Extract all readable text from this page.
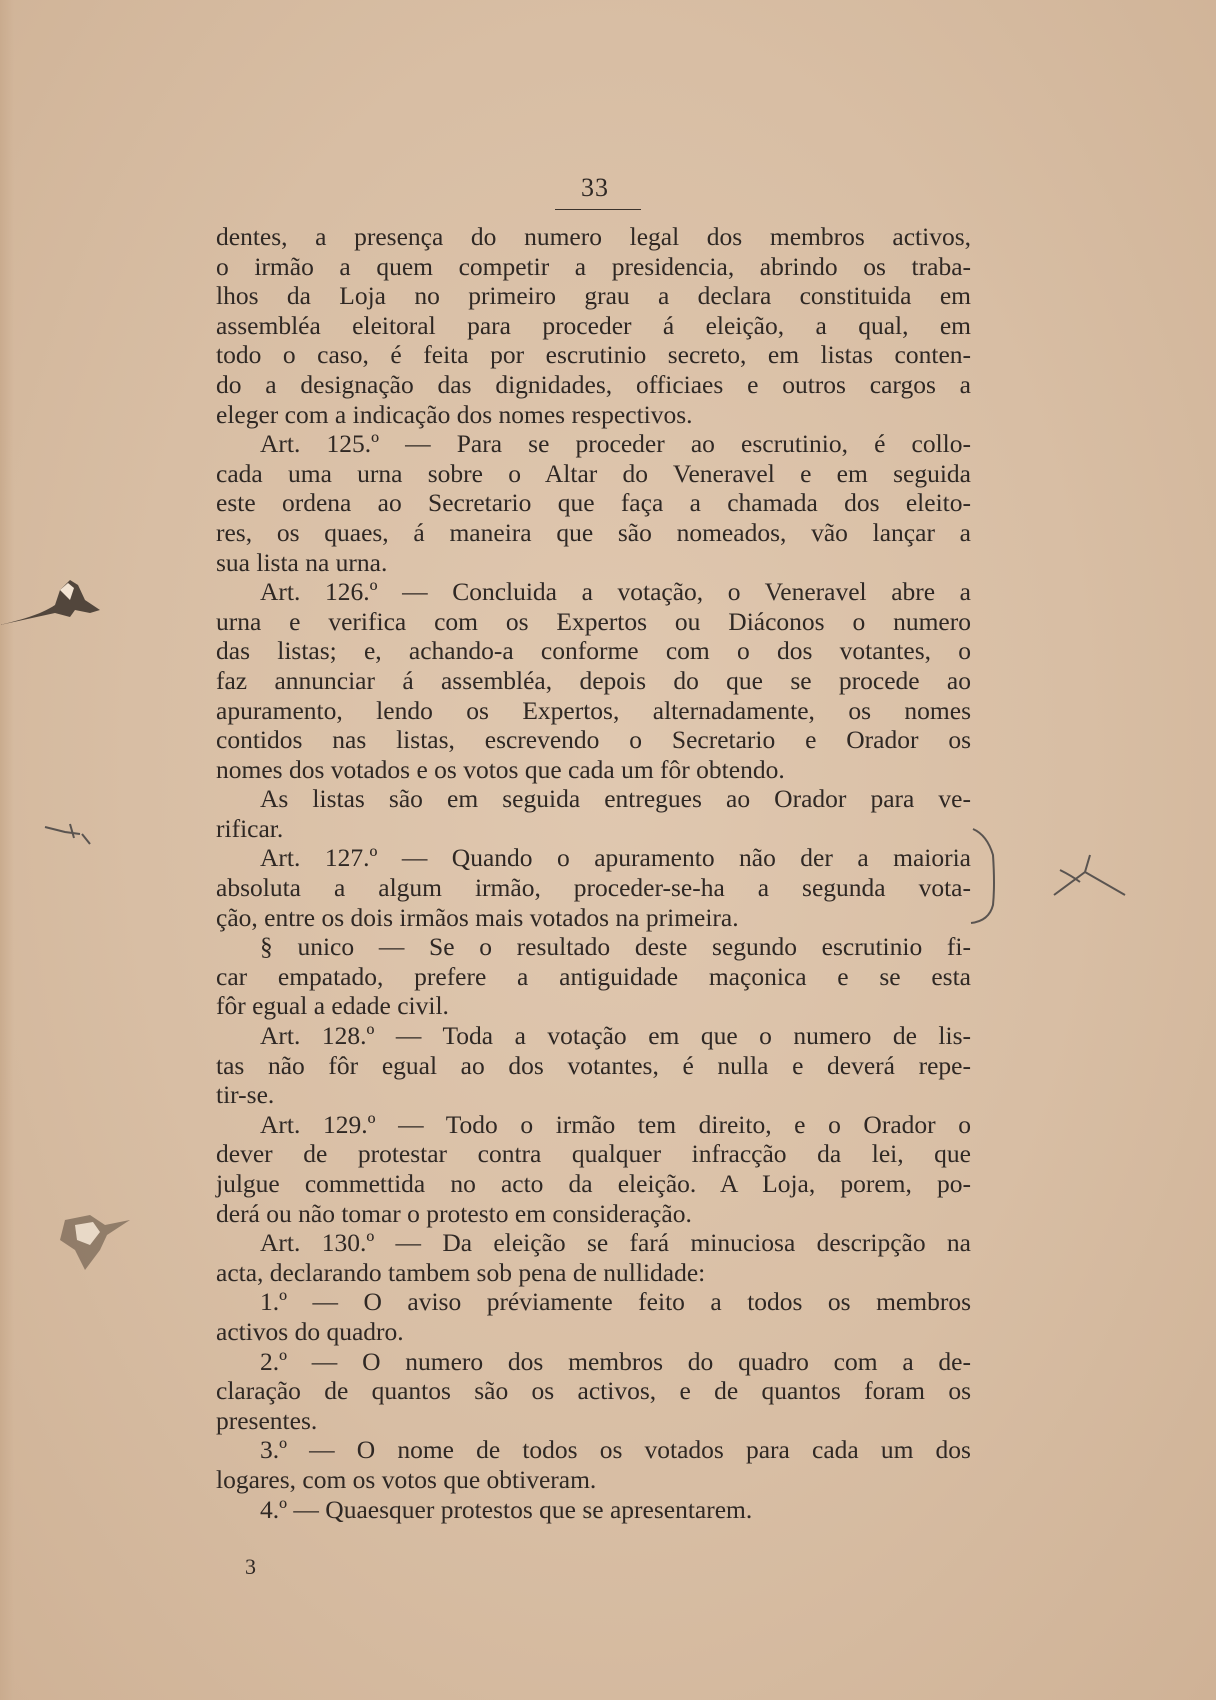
33
dentes, a presença do numero legal dos membros activos,
o irmão a quem competir a presidencia, abrindo os traba-
lhos da Loja no primeiro grau a declara constituida em
assembléa eleitoral para proceder á eleição, a qual, em
todo o caso, é feita por escrutinio secreto, em listas conten-
do a designação das dignidades, officiaes e outros cargos a
eleger com a indicação dos nomes respectivos.
Art. 125.º — Para se proceder ao escrutinio, é collo-
cada uma urna sobre o Altar do Veneravel e em seguida
este ordena ao Secretario que faça a chamada dos eleito-
res, os quaes, á maneira que são nomeados, vão lançar a
sua lista na urna.
Art. 126.º — Concluida a votação, o Veneravel abre a
urna e verifica com os Expertos ou Diáconos o numero
das listas; e, achando-a conforme com o dos votantes, o
faz annunciar á assembléa, depois do que se procede ao
apuramento, lendo os Expertos, alternadamente, os nomes
contidos nas listas, escrevendo o Secretario e Orador os
nomes dos votados e os votos que cada um fôr obtendo.
As listas são em seguida entregues ao Orador para ve-
rificar.
Art. 127.º — Quando o apuramento não der a maioria
absoluta a algum irmão, proceder-se-ha a segunda vota-
ção, entre os dois irmãos mais votados na primeira.
§ unico — Se o resultado deste segundo escrutinio fi-
car empatado, prefere a antiguidade maçonica e se esta
fôr egual a edade civil.
Art. 128.º — Toda a votação em que o numero de lis-
tas não fôr egual ao dos votantes, é nulla e deverá repe-
tir-se.
Art. 129.º — Todo o irmão tem direito, e o Orador o
dever de protestar contra qualquer infracção da lei, que
julgue commettida no acto da eleição. A Loja, porem, po-
derá ou não tomar o protesto em consideração.
Art. 130.º — Da eleição se fará minuciosa descripção na
acta, declarando tambem sob pena de nullidade:
1.º — O aviso préviamente feito a todos os membros
activos do quadro.
2.º — O numero dos membros do quadro com a de-
claração de quantos são os activos, e de quantos foram os
presentes.
3.º — O nome de todos os votados para cada um dos
logares, com os votos que obtiveram.
4.º — Quaesquer protestos que se apresentarem.
3
